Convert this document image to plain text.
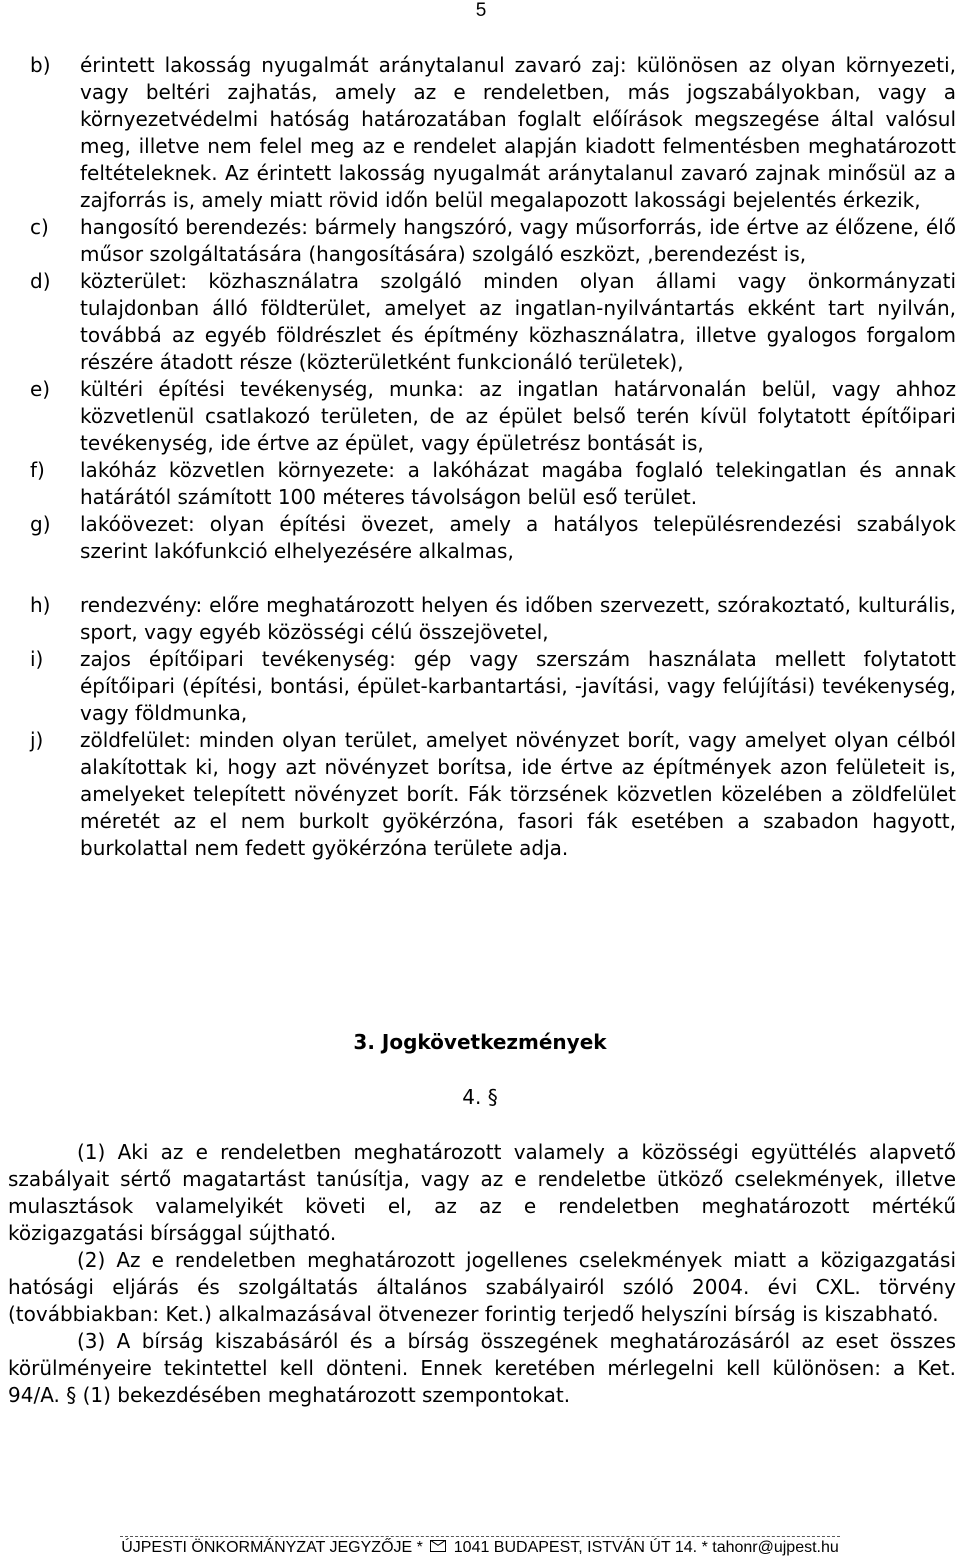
5
b)	érintett lakosság nyugalmát aránytalanul zavaró zaj: különösen az olyan környezeti, vagy beltéri zajhatás, amely az e rendeletben, más jogszabályokban, vagy a környezetvédelmi hatóság határozatában foglalt előírások megszegése által valósul meg, illetve nem felel meg az e rendelet alapján kiadott felmentésben meghatározott feltételeknek. Az érintett lakosság nyugalmát aránytalanul zavaró zajnak minősül az a zajforrás is, amely miatt rövid időn belül megalapozott lakossági bejelentés érkezik,
c)	hangosító berendezés: bármely hangszóró, vagy műsorforrás, ide értve az élőzene, élő műsor szolgáltatására (hangosítására) szolgáló eszközt, ,berendezést is,
d)	közterület: közhasználatra szolgáló minden olyan állami vagy önkormányzati tulajdonban álló földterület, amelyet az ingatlan-nyilvántartás ekként tart nyilván, továbbá az egyéb földrészlet és építmény közhasználatra, illetve gyalogos forgalom részére átadott része (közterületként funkcionáló területek),
e)	kültéri építési tevékenység, munka: az ingatlan határvonalán belül, vagy ahhoz közvetlenül csatlakozó területen, de az épület belső terén kívül folytatott építőipari tevékenység, ide értve az épület, vagy épületrész bontását is,
f)	lakóház közvetlen környezete: a lakóházat magába foglaló telekingatlan és annak határától számított 100 méteres távolságon belül eső terület.
g)	lakóövezet: olyan építési övezet, amely a hatályos településrendezési szabályok szerint lakófunkció elhelyezésére alkalmas,
h)	rendezvény: előre meghatározott helyen és időben szervezett, szórakoztató, kulturális, sport, vagy egyéb közösségi célú összejövetel,
i)	zajos építőipari tevékenység: gép vagy szerszám használata mellett folytatott építőipari (építési, bontási, épület-karbantartási, -javítási, vagy felújítási) tevékenység, vagy földmunka,
j)	zöldfelület: minden olyan terület, amelyet növényzet borít, vagy amelyet olyan célból alakítottak ki, hogy azt növényzet borítsa, ide értve az építmények azon felületeit is, amelyeket telepített növényzet borít. Fák törzsének közvetlen közelében a zöldfelület méretét az el nem burkolt gyökérzóna, fasori fák esetében a szabadon hagyott, burkolattal nem fedett gyökérzóna területe adja.
3. Jogkövetkezmények
4. §

(1) Aki az e rendeletben meghatározott valamely a közösségi együttélés alapvető szabályait sértő magatartást tanúsítja, vagy az e rendeletbe ütköző cselekmények, illetve mulasztások valamelyikét követi el, az az e rendeletben meghatározott mértékű közigazgatási bírsággal sújtható.

(2) Az e rendeletben meghatározott jogellenes cselekmények miatt a közigazgatási hatósági eljárás és szolgáltatás általános szabályairól szóló 2004. évi CXL. törvény (továbbiakban: Ket.) alkalmazásával ötvenezer forintig terjedő helyszíni bírság is kiszabható.

(3) A bírság kiszabásáról és a bírság összegének meghatározásáról az eset összes körülményeire tekintettel kell dönteni. Ennek keretében mérlegelni kell különösen: a Ket. 94/A. § (1) bekezdésében meghatározott szempontokat.

ÚJPESTI ÖNKORMÁNYZAT JEGYZŐJE * 1041 BUDAPEST, ISTVÁN ÚT 14. * tahonr@ujpest.hu
